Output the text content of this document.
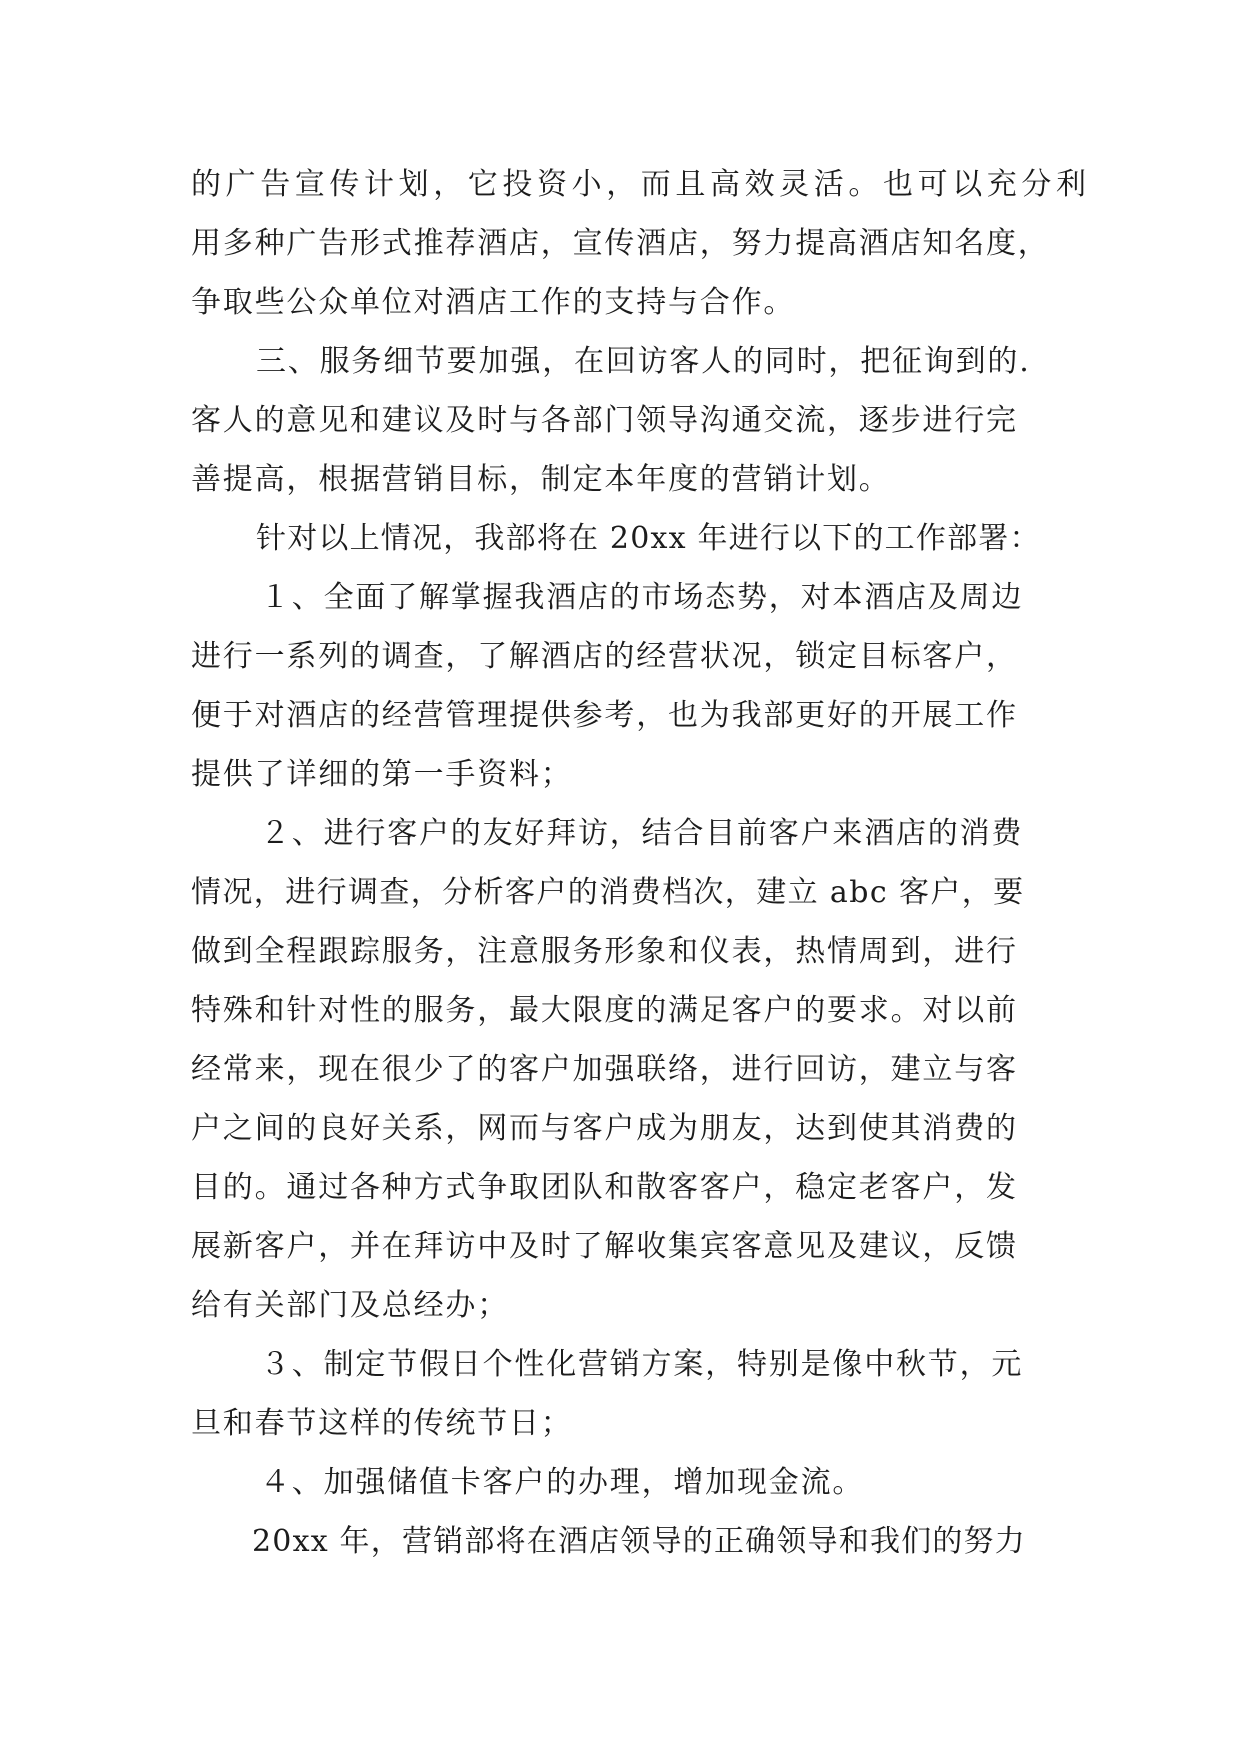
的广告宣传计划，它投资小，而且高效灵活。也可以充分利
用多种广告形式推荐酒店，宣传酒店，努力提高酒店知名度，
争取些公众单位对酒店工作的支持与合作。
三、服务细节要加强，在回访客人的同时，把征询到的.
客人的意见和建议及时与各部门领导沟通交流，逐步进行完
善提高，根据营销目标，制定本年度的营销计划。
针对以上情况，我部将在 20xx 年进行以下的工作部署：
１、全面了解掌握我酒店的市场态势，对本酒店及周边
进行一系列的调查，了解酒店的经营状况，锁定目标客户，
便于对酒店的经营管理提供参考，也为我部更好的开展工作
提供了详细的第一手资料；
２、进行客户的友好拜访，结合目前客户来酒店的消费
情况，进行调查，分析客户的消费档次，建立 abc 客户，要
做到全程跟踪服务，注意服务形象和仪表，热情周到，进行
特殊和针对性的服务，最大限度的满足客户的要求。对以前
经常来，现在很少了的客户加强联络，进行回访，建立与客
户之间的良好关系，网而与客户成为朋友，达到使其消费的
目的。通过各种方式争取团队和散客客户，稳定老客户，发
展新客户，并在拜访中及时了解收集宾客意见及建议，反馈
给有关部门及总经办；
３、制定节假日个性化营销方案，特别是像中秋节，元
旦和春节这样的传统节日；
４、加强储值卡客户的办理，增加现金流。
20xx 年，营销部将在酒店领导的正确领导和我们的努力
